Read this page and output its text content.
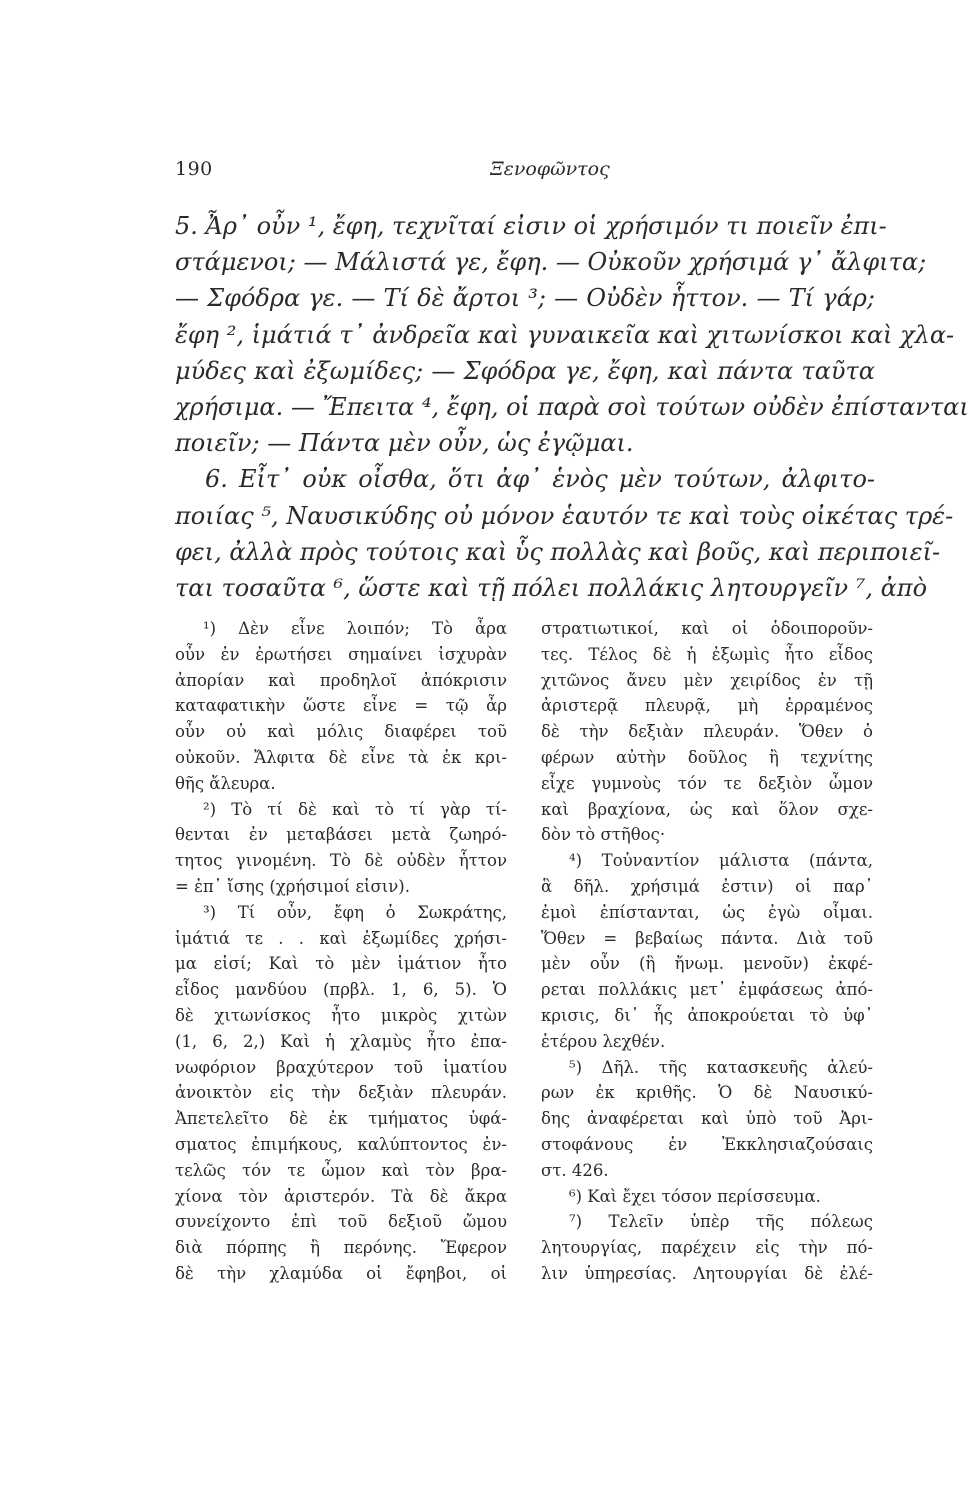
190	Ξενοφῶντος
5. Ἆρ᾽ οὖν ¹, ἔφη, τεχνῖταί εἰσιν οἱ χρήσιμόν τι ποιεῖν ἐπι-
στάμενοι; — Μάλιστά γε, ἔφη. — Οὐκοῦν χρήσιμά γ᾽ ἄλφιτα;
— Σφόδρα γε. — Τί δὲ ἄρτοι ³; — Οὐδὲν ἧττον. — Τί γάρ;
ἔφη ², ἱμάτιά τ᾽ ἀνδρεῖα καὶ γυναικεῖα καὶ χιτωνίσκοι καὶ χλα-
μύδες καὶ ἐξωμίδες; — Σφόδρα γε, ἔφη, καὶ πάντα ταῦτα
χρήσιμα. — Ἔπειτα ⁴, ἔφη, οἱ παρὰ σοὶ τούτων οὐδὲν ἐπίστανται
ποιεῖν; — Πάντα μὲν οὖν, ὡς ἐγῷμαι.
6. Εἶτ᾽ οὐκ οἶσθα, ὅτι ἀφ᾽ ἑνὸς μὲν τούτων, ἀλφιτο-
ποιίας ⁵, Ναυσικύδης οὐ μόνον ἑαυτόν τε καὶ τοὺς οἰκέτας τρέ-
φει, ἀλλὰ πρὸς τούτοις καὶ ὗς πολλὰς καὶ βοῦς, καὶ περιποιεῖ-
ται τοσαῦτα ⁶, ὥστε καὶ τῇ πόλει πολλάκις λητουργεῖν ⁷, ἀπὸ
¹) Δὲν εἶνε λοιπόν; Τὸ ἆρα
οὖν ἐν ἐρωτήσει σημαίνει ἰσχυρὰν
ἀπορίαν καὶ προδηλοῖ ἀπόκρισιν
καταφατικὴν ὥστε εἶνε = τῷ ἆρ
οὖν οὐ καὶ μόλις διαφέρει τοῦ
οὐκοῦν. Ἄλφιτα δὲ εἶνε τὰ ἐκ κρι-
θῆς ἄλευρα.
²) Τὸ τί δὲ καὶ τὸ τί γὰρ τί-
θενται ἐν μεταβάσει μετὰ ζωηρό-
τητος γινομένη. Τὸ δὲ οὐδὲν ἧττον
= ἐπ᾽ ἴσης (χρήσιμοί εἰσιν).
³) Τί οὖν, ἔφη ὁ Σωκράτης,
ἱμάτιά τε . . καὶ ἐξωμίδες χρήσι-
μα εἰσί; Καὶ τὸ μὲν ἱμάτιον ἦτο
εἶδος μανδύου (πρβλ. 1, 6, 5). Ὁ
δὲ χιτωνίσκος ἦτο μικρὸς χιτὼν
(1, 6, 2,) Καὶ ἡ χλαμὺς ἦτο ἐπα-
νωφόριον βραχύτερον τοῦ ἱματίου
ἀνοικτὸν εἰς τὴν δεξιὰν πλευράν.
Ἀπετελεῖτο δὲ ἐκ τμήματος ὑφά-
σματος ἐπιμήκους, καλύπτοντος ἐν-
τελῶς τόν τε ὦμον καὶ τὸν βρα-
χίονα τὸν ἀριστερόν. Τὰ δὲ ἄκρα
συνείχοντο ἐπὶ τοῦ δεξιοῦ ὤμου
διὰ πόρπης ἢ περόνης. Ἔφερον
δὲ τὴν χλαμύδα οἱ ἔφηβοι, οἱ
στρατιωτικοί, καὶ οἱ ὁδοιποροῦν-
τες. Τέλος δὲ ἡ ἐξωμὶς ἦτο εἶδος
χιτῶνος ἄνευ μὲν χειρίδος ἐν τῇ
ἀριστερᾷ πλευρᾷ, μὴ ἐρραμένος
δὲ τὴν δεξιὰν πλευράν. Ὅθεν ὁ
φέρων αὐτὴν δοῦλος ἢ τεχνίτης
εἶχε γυμνοὺς τόν τε δεξιὸν ὦμον
καὶ βραχίονα, ὡς καὶ ὅλον σχε-
δὸν τὸ στῆθος·
⁴) Τοὐναντίον μάλιστα (πάντα,
ἃ δῆλ. χρήσιμά ἐστιν) οἱ παρ᾽
ἐμοὶ ἐπίστανται, ὡς ἐγὼ οἶμαι.
Ὅθεν = βεβαίως πάντα. Διὰ τοῦ
μὲν οὖν (ἢ ἤνωμ. μενοῦν) ἐκφέ-
ρεται πολλάκις μετ᾽ ἐμφάσεως ἀπό-
κρισις, δι᾽ ἧς ἀποκρούεται τὸ ὑφ᾽
ἑτέρου λεχθέν.
⁵) Δῆλ. τῆς κατασκευῆς ἀλεύ-
ρων ἐκ κριθῆς. Ὁ δὲ Ναυσικύ-
δης ἀναφέρεται καὶ ὑπὸ τοῦ Ἀρι-
στοφάνους ἐν Ἐκκλησιαζούσαις
στ. 426.
⁶) Καὶ ἔχει τόσον περίσσευμα.
⁷) Τελεῖν ὑπὲρ τῆς πόλεως
λητουργίας, παρέχειν εἰς τὴν πό-
λιν ὑπηρεσίας. Λητουργίαι δὲ ἐλέ-
